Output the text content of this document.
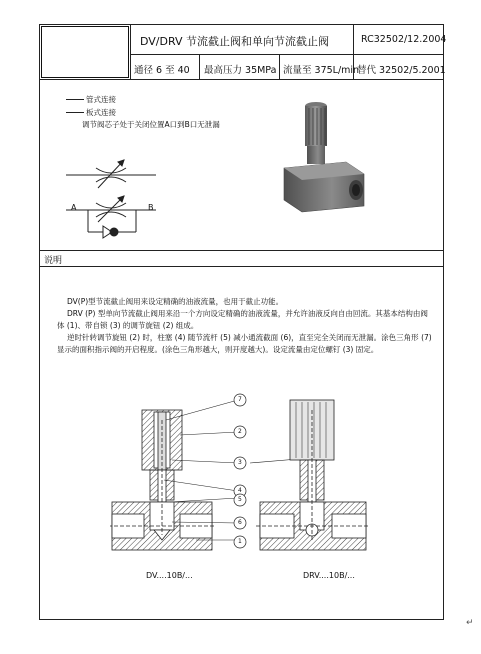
DV/DRV 节流截止阀和单向节流截止阀	RC32502/12.2004
通径 6 至 40 最高压力 35MPa 流量至 375L/min
替代 32502/5.2001
管式连接
板式连接
调节阀芯子处于关闭位置A口到B口无泄漏
A	B
说明
DV(P)型节流截止阀用来设定精确的油液流量，也用于截止功能。
DRV (P) 型单向节流截止阀用来沿一个方向设定精确的油液流量，并允许油液反向自由回流。其基本结构由阀体 (1)、带自锁 (3) 的调节旋钮 (2) 组成。
逆时针转调节旋钮 (2) 时，柱塞 (4) 随节流杆 (5) 减小通流截面 (6)，直至完全关闭而无泄漏。涂色三角形 (7) 显示的面积指示阀的开启程度。(涂色三角形越大，则开度越大)。设定流量由定位螺钉 (3) 固定。
7
2
3
4
5
6
1
DV....10B/...	DRV....10B/...
↵
